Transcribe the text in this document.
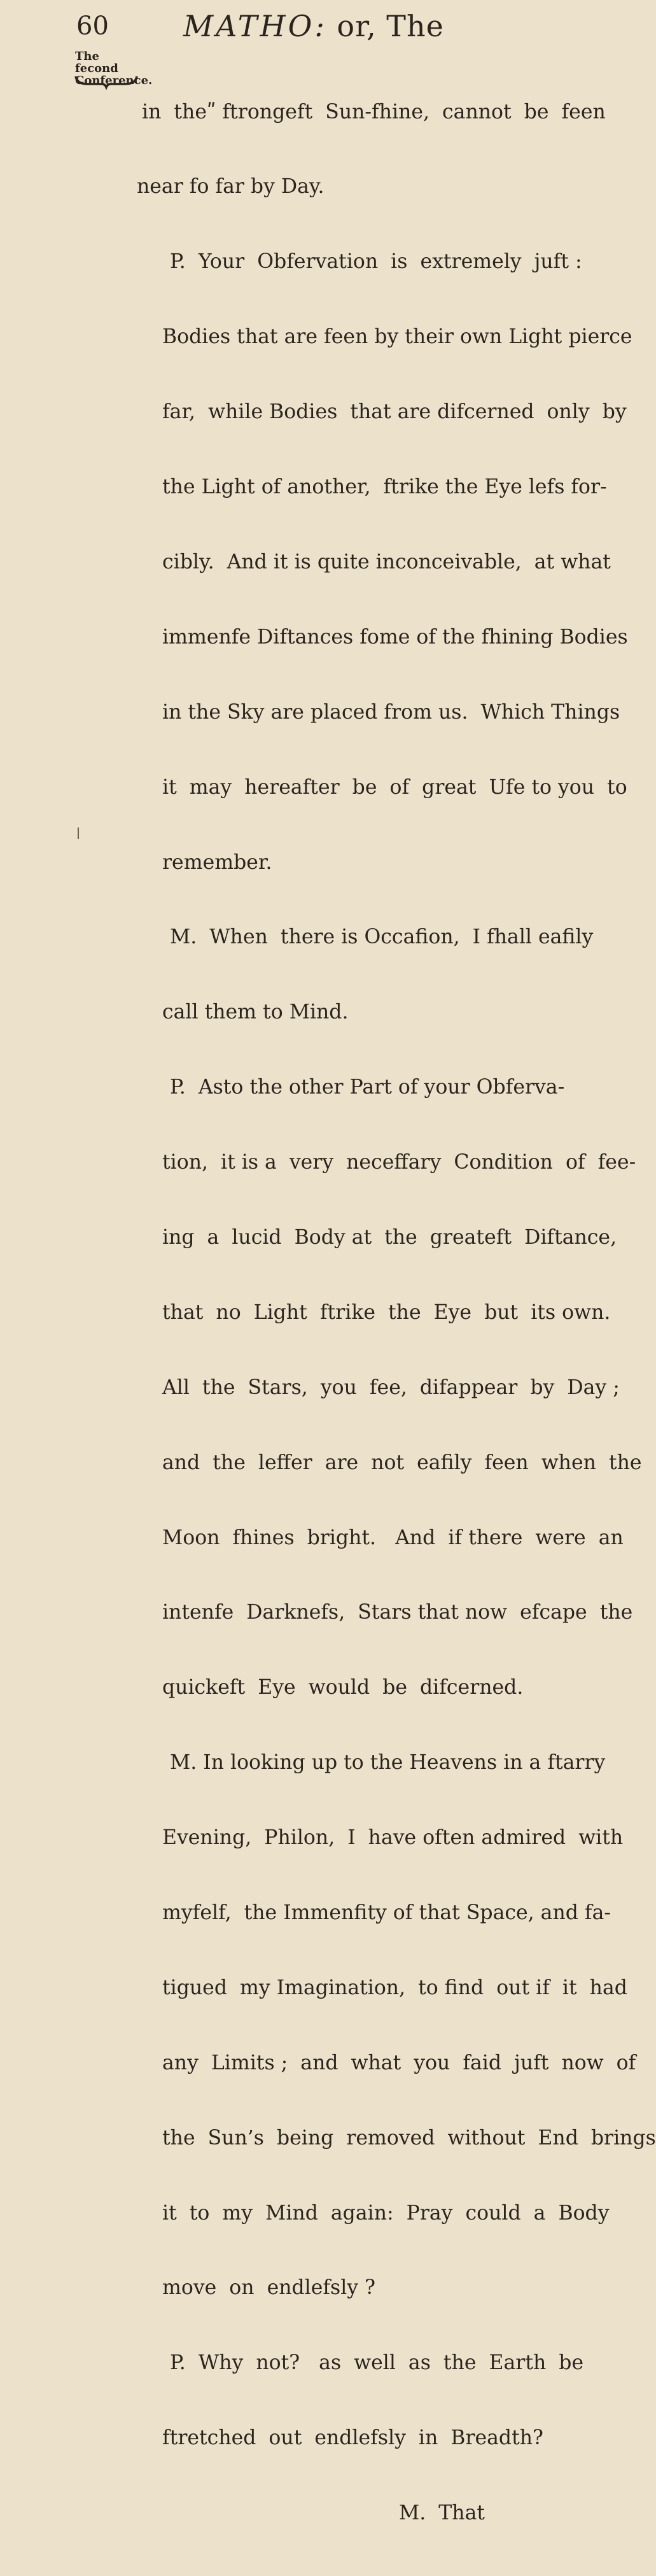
60	MATHO: or, The
The fecond
Conference.

in  theʺ ftrongeft  Sun-fhine,  cannot  be  feen

near fo far by Day.

P.  Your  Obfervation  is  extremely  juft :

Bodies that are feen by their own Light pierce

far,  while Bodies  that are difcerned  only  by

the Light of another,  ftrike the Eye lefs for-

cibly.  And it is quite inconceivable,  at what

immenfe Diftances fome of the fhining Bodies

in the Sky are placed from us.  Which Things

it  may  hereafter  be  of  great  Ufe to you  to

remember.

M.  When  there is Occafion,  I fhall eafily

call them to Mind.

P.  Asto the other Part of your Obferva-

tion,  it is a  very  neceffary  Condition  of  fee-

ing  a  lucid  Body at  the  greateft  Diftance,

that  no  Light  ftrike  the  Eye  but  its own.

All  the  Stars,  you  fee,  difappear  by  Day ;

and  the  leffer  are  not  eafily  feen  when  the

Moon  fhines  bright.   And  if there  were  an

intenfe  Darknefs,  Stars that now  efcape  the

quickeft  Eye  would  be  difcerned.

M. In looking up to the Heavens in a ftarry

Evening,  Philon,  I  have often admired  with

myfelf,  the Immenfity of that Space, and fa-

tigued  my Imagination,  to find  out if  it  had

any  Limits ;  and  what  you  faid  juft  now  of

the  Sun’s  being  removed  without  End  brings

it  to  my  Mind  again:  Pray  could  a  Body

move  on  endlefsly ?

P.  Why  not?   as  well  as  the  Earth  be

ftretched  out  endlefsly  in  Breadth?

M.  That
